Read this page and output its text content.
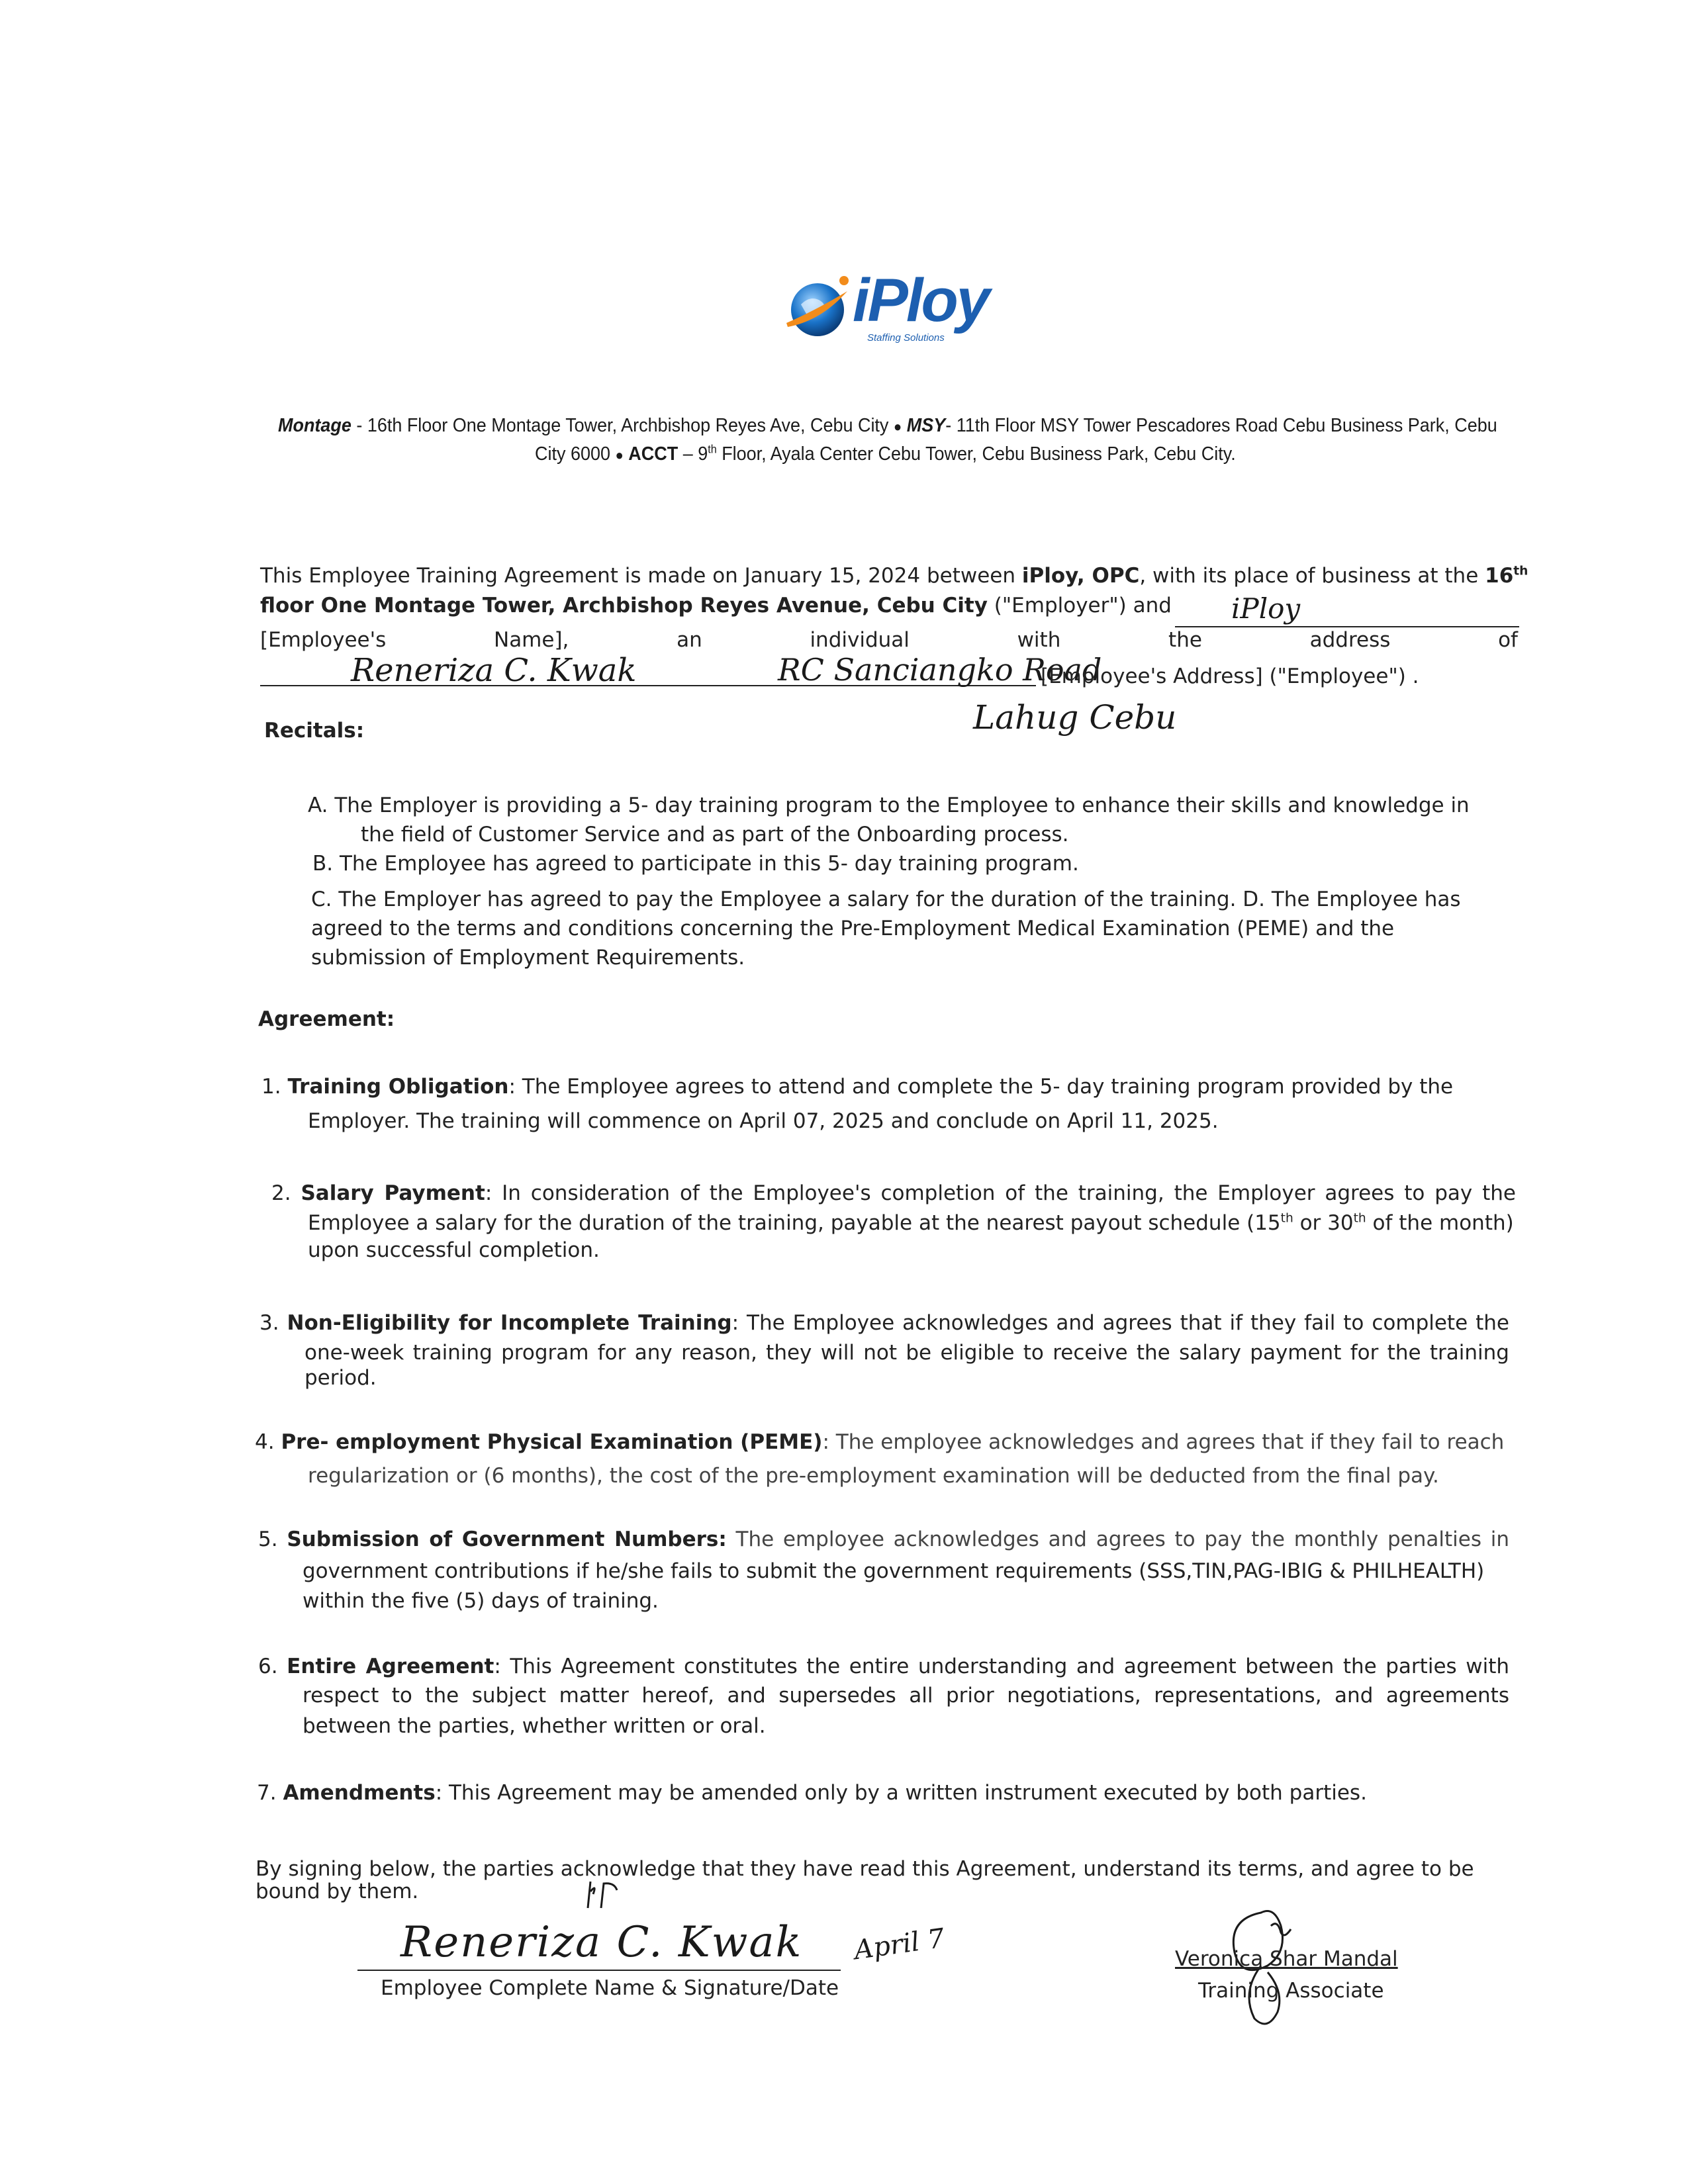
iPloy
Staffing Solutions
Montage - 16th Floor One Montage Tower, Archbishop Reyes Ave, Cebu City ● MSY- 11th Floor MSY Tower Pescadores Road Cebu Business Park, Cebu
City 6000 ● ACCT – 9th Floor, Ayala Center Cebu Tower, Cebu Business Park, Cebu City.
This Employee Training Agreement is made on January 15, 2024 between iPloy, OPC, with its place of business at the 16th
floor One Montage Tower, Archbishop Reyes Avenue, Cebu City ("Employer") and iPloy
[Employee's	Name],	an	individual	with	the	address	of
Reneriza C. Kwak	RC Sanciangko Road
[Employee's Address] ("Employee") .
Lahug Cebu
Recitals:
A. The Employer is providing a 5- day training program to the Employee to enhance their skills and knowledge in
the field of Customer Service and as part of the Onboarding process.
B. The Employee has agreed to participate in this 5- day training program.
C. The Employer has agreed to pay the Employee a salary for the duration of the training. D. The Employee has
agreed to the terms and conditions concerning the Pre-Employment Medical Examination (PEME) and the
submission of Employment Requirements.
Agreement:
1. Training Obligation: The Employee agrees to attend and complete the 5- day training program provided by the
Employer. The training will commence on April 07, 2025 and conclude on April 11, 2025.
2. Salary Payment: In consideration of the Employee's completion of the training, the Employer agrees to pay the
Employee a salary for the duration of the training, payable at the nearest payout schedule (15th or 30th of the month)
upon successful completion.
3. Non-Eligibility for Incomplete Training: The Employee acknowledges and agrees that if they fail to complete the
one-week training program for any reason, they will not be eligible to receive the salary payment for the training
period.
4. Pre- employment Physical Examination (PEME): The employee acknowledges and agrees that if they fail to reach
regularization or (6 months), the cost of the pre-employment examination will be deducted from the final pay.
5. Submission of Government Numbers: The employee acknowledges and agrees to pay the monthly penalties in
government contributions if he/she fails to submit the government requirements (SSS,TIN,PAG-IBIG & PHILHEALTH)
within the five (5) days of training.
6. Entire Agreement: This Agreement constitutes the entire understanding and agreement between the parties with
respect to the subject matter hereof, and supersedes all prior negotiations, representations, and agreements
between the parties, whether written or oral.
7. Amendments: This Agreement may be amended only by a written instrument executed by both parties.
By signing below, the parties acknowledge that they have read this Agreement, understand its terms, and agree to be
bound by them.
Reneriza C. Kwak April 7
Employee Complete Name & Signature/Date
Veronica Shar Mandal
Training Associate
